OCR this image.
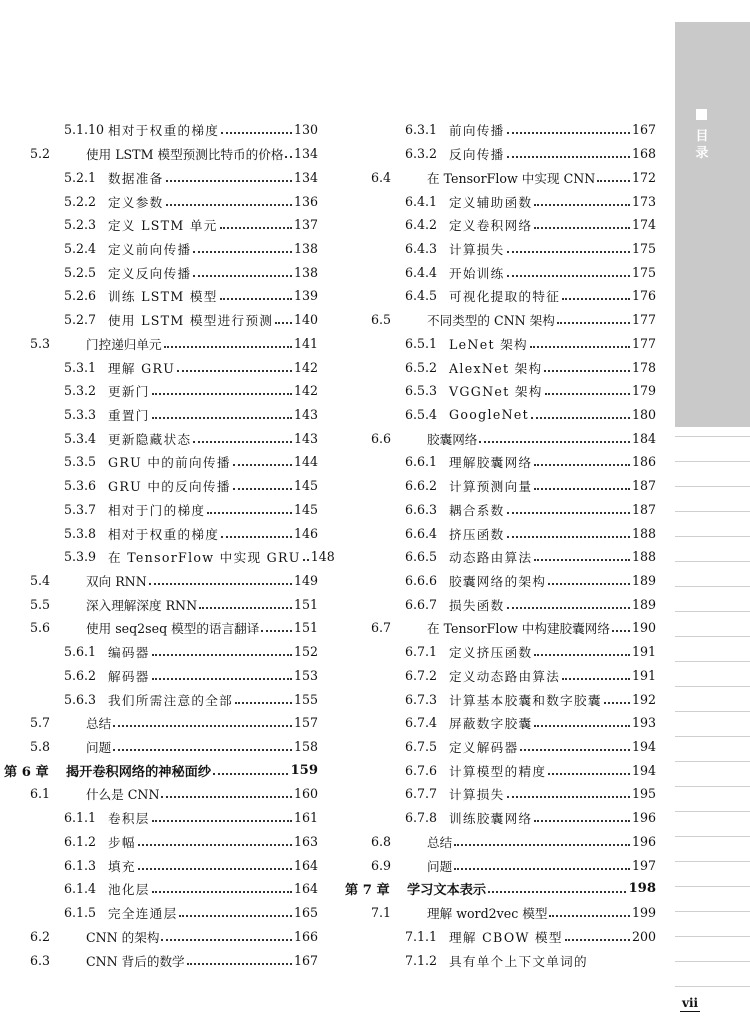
5.1.10 相对于权重的梯度	130
5.2	使用 LSTM 模型预测比特币的价格 134
5.2.1 数据准备	134
5.2.2 定义参数	136
5.2.3 定义 LSTM 单元	137
5.2.4 定义前向传播	138
5.2.5 定义反向传播	138
5.2.6 训练 LSTM 模型	139
5.2.7 使用 LSTM 模型进行预测 140
5.3	门控递归单元	141
5.3.1 理解 GRU	142
5.3.2 更新门	142
5.3.3 重置门	143
5.3.4 更新隐藏状态	143
5.3.5 GRU 中的前向传播	144
5.3.6 GRU 中的反向传播	145
5.3.7 相对于门的梯度	145
5.3.8 相对于权重的梯度	146
5.3.9 在 TensorFlow 中实现 GRU 148
5.4	双向 RNN	149
5.5	深入理解深度 RNN	151
5.6	使用 seq2seq 模型的语言翻译	151
5.6.1 编码器	152
5.6.2 解码器	153
5.6.3 我们所需注意的全部	155
5.7	总结	157
5.8	问题	158
第 6 章	揭开卷积网络的神秘面纱	159
6.1	什么是 CNN	160
6.1.1 卷积层	161
6.1.2 步幅	163
6.1.3 填充	164
6.1.4 池化层	164
6.1.5 完全连通层	165
6.2	CNN 的架构	166
6.3	CNN 背后的数学	167
6.3.1 前向传播	167
6.3.2 反向传播	168
6.4	在 TensorFlow 中实现 CNN	172
6.4.1 定义辅助函数	173
6.4.2 定义卷积网络	174
6.4.3 计算损失	175
6.4.4 开始训练	175
6.4.5 可视化提取的特征	176
6.5	不同类型的 CNN 架构	177
6.5.1 LeNet 架构	177
6.5.2 AlexNet 架构	178
6.5.3 VGGNet 架构	179
6.5.4 GoogleNet	180
6.6	胶囊网络	184
6.6.1 理解胶囊网络	186
6.6.2 计算预测向量	187
6.6.3 耦合系数	187
6.6.4 挤压函数	188
6.6.5 动态路由算法	188
6.6.6 胶囊网络的架构	189
6.6.7 损失函数	189
6.7	在 TensorFlow 中构建胶囊网络 190
6.7.1 定义挤压函数	191
6.7.2 定义动态路由算法	191
6.7.3 计算基本胶囊和数字胶囊 192
6.7.4 屏蔽数字胶囊	193
6.7.5 定义解码器	194
6.7.6 计算模型的精度	194
6.7.7 计算损失	195
6.7.8 训练胶囊网络	196
6.8	总结	196
6.9	问题	197
第 7 章	学习文本表示	198
7.1	理解 word2vec 模型	199
7.1.1 理解 CBOW 模型	200
7.1.2 具有单个上下文单词的
目录
vii
